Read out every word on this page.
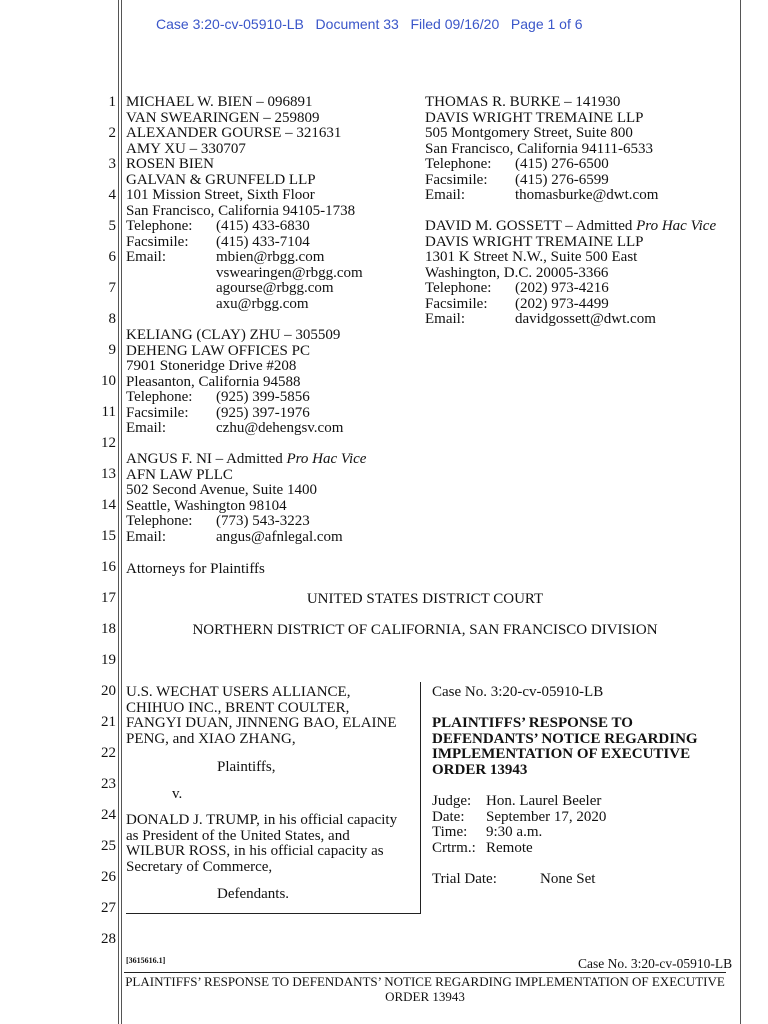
Case 3:20-cv-05910-LB Document 33 Filed 09/16/20 Page 1 of 6
1
2
3
4
5
6
7
8
9
10
11
12
13
14
15
16
17
18
19
20
21
22
23
24
25
26
27
28
MICHAEL W. BIEN – 096891
VAN SWEARINGEN – 259809
ALEXANDER GOURSE – 321631
AMY XU – 330707
ROSEN BIEN
GALVAN & GRUNFELD LLP
101 Mission Street, Sixth Floor
San Francisco, California 94105-1738
Telephone: (415) 433-6830
Facsimile: (415) 433-7104
Email:	mbien@rbgg.com
vswearingen@rbgg.com
agourse@rbgg.com
axu@rbgg.com
KELIANG (CLAY) ZHU – 305509
DEHENG LAW OFFICES PC
7901 Stoneridge Drive #208
Pleasanton, California 94588
Telephone: (925) 399-5856
Facsimile: (925) 397-1976
Email:	czhu@dehengsv.com
ANGUS F. NI – Admitted Pro Hac Vice
AFN LAW PLLC
502 Second Avenue, Suite 1400
Seattle, Washington 98104
Telephone: (773) 543-3223
Email:	angus@afnlegal.com
Attorneys for Plaintiffs
THOMAS R. BURKE – 141930
DAVIS WRIGHT TREMAINE LLP
505 Montgomery Street, Suite 800
San Francisco, California 94111-6533
Telephone: (415) 276-6500
Facsimile: (415) 276-6599
Email:	thomasburke@dwt.com
DAVID M. GOSSETT – Admitted Pro Hac Vice
DAVIS WRIGHT TREMAINE LLP
1301 K Street N.W., Suite 500 East
Washington, D.C. 20005-3366
Telephone: (202) 973-4216
Facsimile: (202) 973-4499
Email:	davidgossett@dwt.com
UNITED STATES DISTRICT COURT
NORTHERN DISTRICT OF CALIFORNIA, SAN FRANCISCO DIVISION
U.S. WECHAT USERS ALLIANCE,
CHIHUO INC., BRENT COULTER,
FANGYI DUAN, JINNENG BAO, ELAINE
PENG, and XIAO ZHANG,
Plaintiffs,
v.
DONALD J. TRUMP, in his official capacity
as President of the United States, and
WILBUR ROSS, in his official capacity as
Secretary of Commerce,
Defendants.
Case No. 3:20-cv-05910-LB
PLAINTIFFS’ RESPONSE TO
DEFENDANTS’ NOTICE REGARDING
IMPLEMENTATION OF EXECUTIVE
ORDER 13943
Judge: Hon. Laurel Beeler
Date: September 17, 2020
Time: 9:30 a.m.
Crtrm.: Remote
Trial Date:	None Set
[3615616.1]	Case No. 3:20-cv-05910-LB
PLAINTIFFS’ RESPONSE TO DEFENDANTS’ NOTICE REGARDING IMPLEMENTATION OF EXECUTIVE
ORDER 13943
